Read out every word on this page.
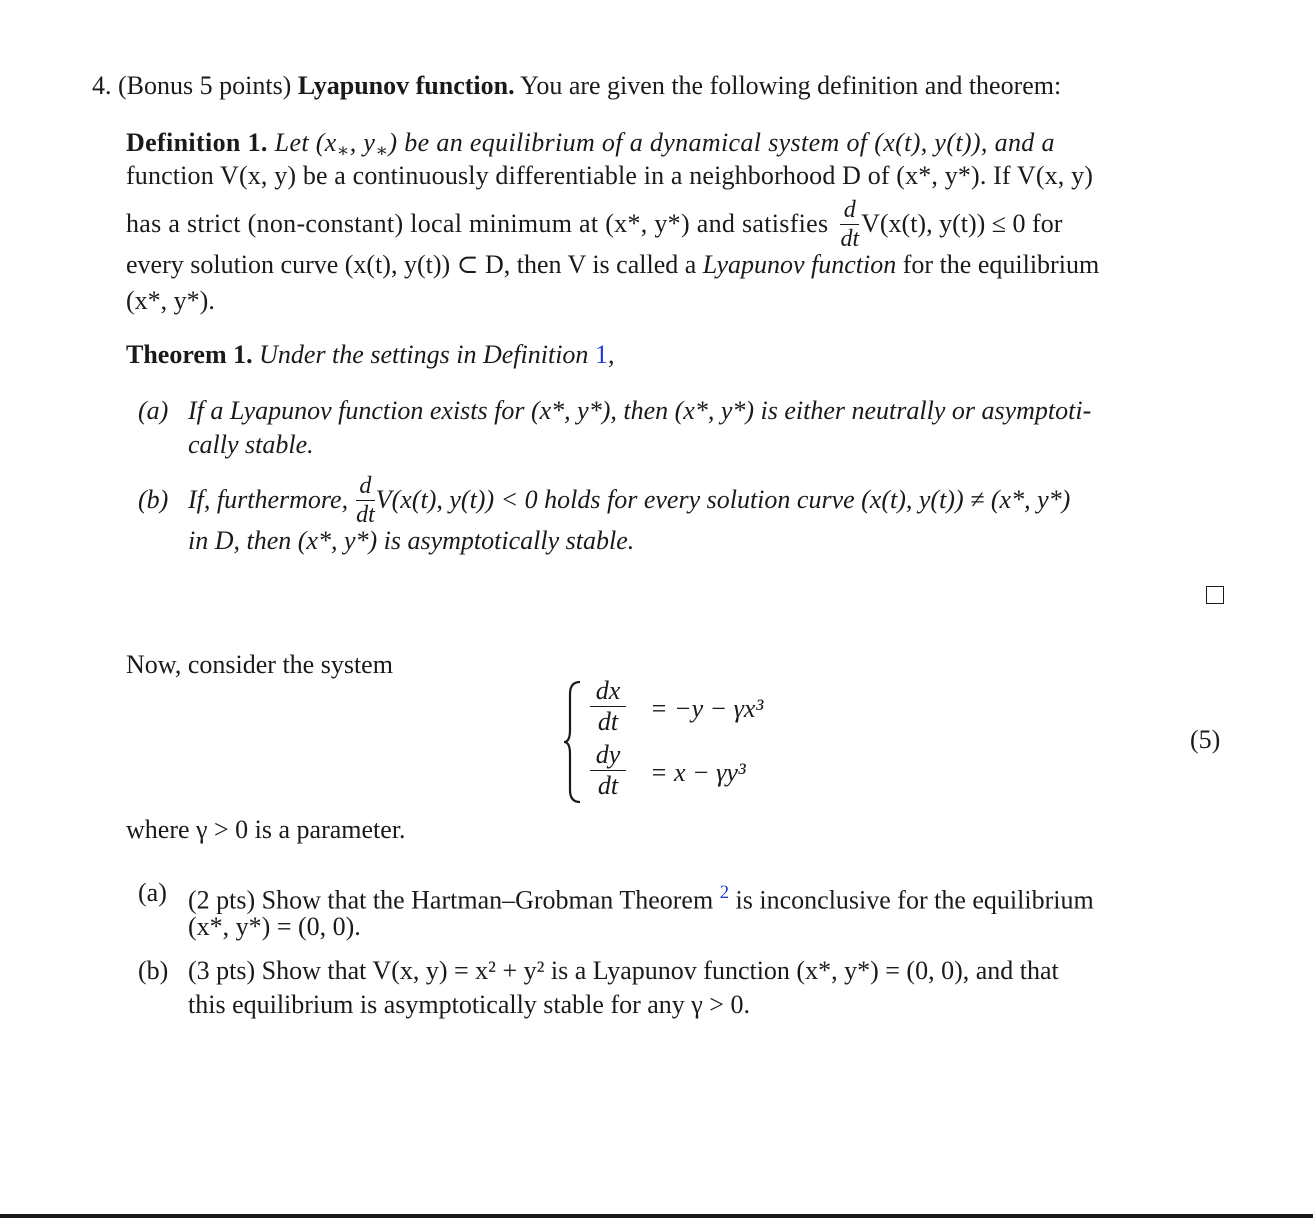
4. (Bonus 5 points) Lyapunov function. You are given the following definition and theorem:
Definition 1. Let ($x_∗$, $y_∗$) be an equilibrium of a dynamical system of (x(t), y(t)), and a
function V(x, y) be a continuously differentiable in a neighborhood D of (x*, y*). If V(x, y)
has a strict (non-constant) local minimum at (x*, y*) and satisfies $\frac{d}{dt} V(x(t)$, y(t)) ≤ 0 for
every solution curve (x(t), y(t)) ⊂ D, then V is called a Lyapunov function for the equilibrium
(x*, y*).
Theorem 1. Under the settings in Definition 1,
(a) If a Lyapunov function exists for (x*, y*), then (x*, y*) is either neutrally or asymptoti-
cally stable.
(b) If, furthermore, $\frac{d}{dt} V(x(t)$, y(t)) < 0 holds for every solution curve (x(t), y(t)) ≠ (x*, y*)
in D, then (x*, y*) is asymptotically stable.
Now, consider the system
$\frac{dx}{dt} = -y - \gamma x^3$
$\frac{dy}{dt} = x - \gamma y^3$
(5)
where γ > 0 is a parameter.
(a) (2 pts) Show that the Hartman–Grobman Theorem $^2$ is inconclusive for the equilibrium
(x*, y*) = (0, 0).
(b) (3 pts) Show that V(x, y) = x² + y² is a Lyapunov function (x*, y*) = (0, 0), and that
this equilibrium is asymptotically stable for any γ > 0.
